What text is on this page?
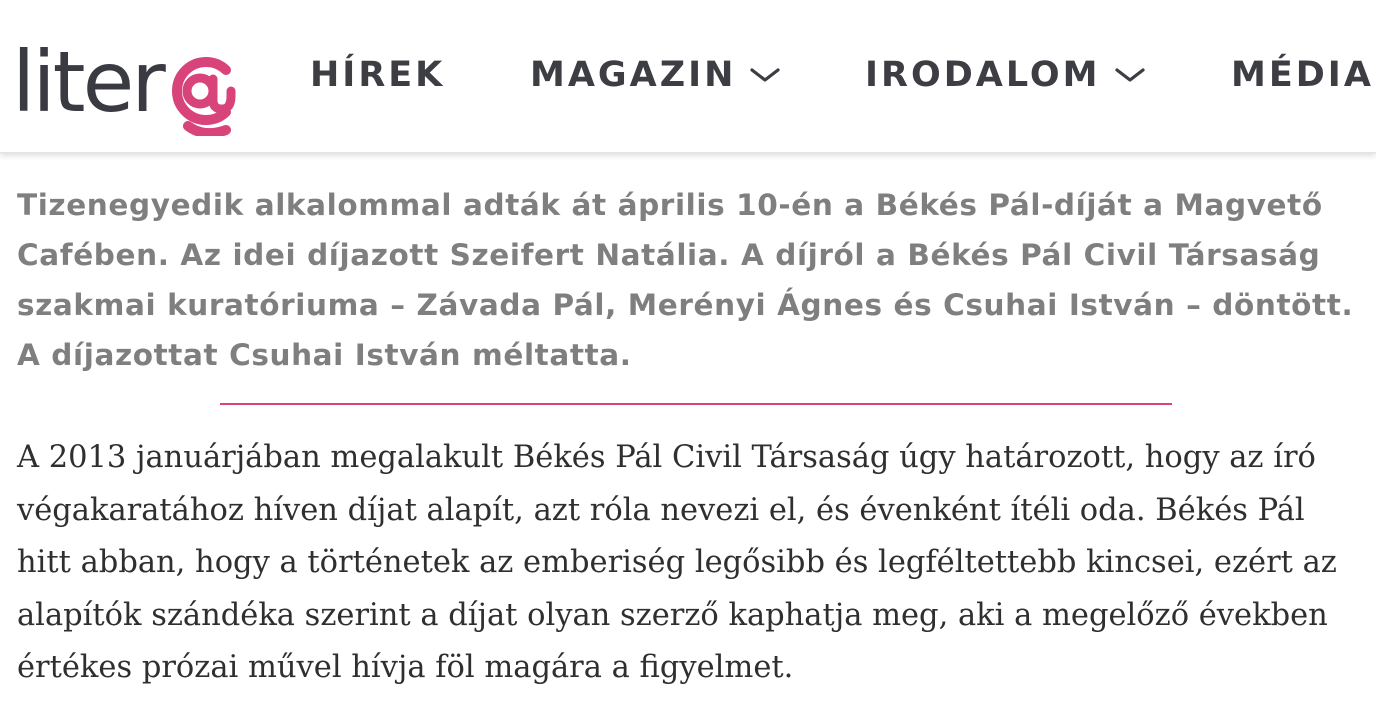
liter	HÍREK MAGAZIN	IRODALOM	MÉDIA

Tizenegyedik alkalommal adták át április 10-én a Békés Pál-díját a Magvető Cafében. Az idei díjazott Szeifert Natália. A díjról a Békés Pál Civil Társaság szakmai kuratóriuma – Závada Pál, Merényi Ágnes és Csuhai István – döntött. A díjazottat Csuhai István méltatta.

A 2013 januárjában megalakult Békés Pál Civil Társaság úgy határozott, hogy az író végakaratához híven díjat alapít, azt róla nevezi el, és évenként ítéli oda. Békés Pál hitt abban, hogy a történetek az emberiség legősibb és legféltettebb kincsei, ezért az alapítók szándéka szerint a díjat olyan szerző kaphatja meg, aki a megelőző években értékes prózai művel hívja föl magára a figyelmet.
